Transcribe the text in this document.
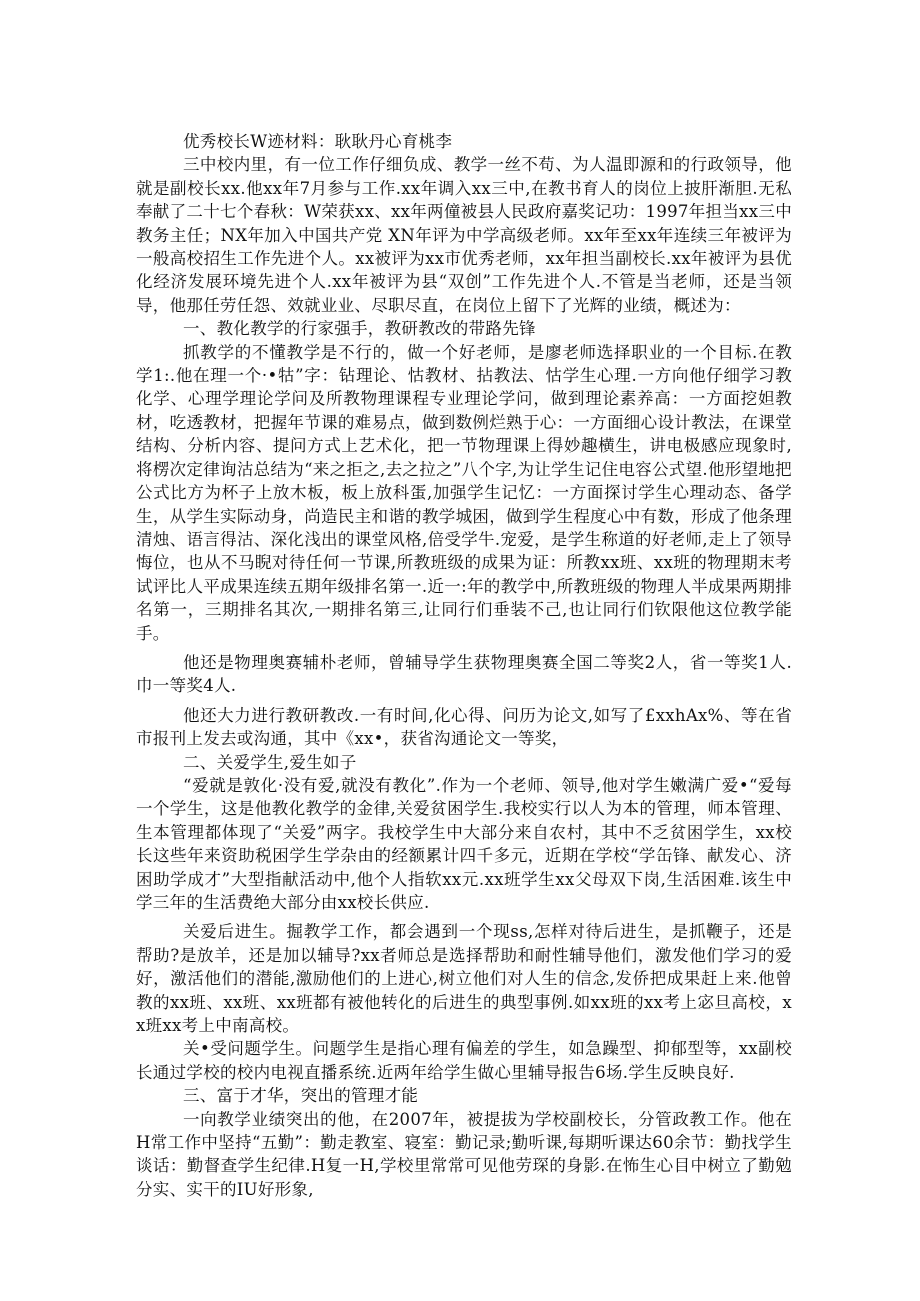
优秀校长W迹材料：耿耿丹心育桃李

三中校内里，有一位工作仔细负成、教学一丝不苟、为人温即源和的行政领导，他就是副校长xx.他xx年7月参与工作.xx年调入xx三中,在教书育人的岗位上披肝渐胆.无私奉献了二十七个春秋：W荣获xx、xx年两僮被县人民政府嘉奖记功：1997年担当xx三中教务主任；NX年加入中国共产党 XN年评为中学高级老师。xx年至xx年连续三年被评为一般高校招生工作先进个人。xx被评为xx市优秀老师，xx年担当副校长.xx年被评为县优化经济发展环境先进个人.xx年被评为县“双创”工作先进个人.不管是当老师，还是当领导，他那任劳任怨、效就业业、尽职尽直，在岗位上留下了光辉的业绩，概述为：

一、教化教学的行家强手，教研教改的带路先锋

抓教学的不懂教学是不行的，做一个好老师，是廖老师选择职业的一个目标.在教学1:.他在理一个·•牯”字：钻理论、怙教材、拈教法、怙学生心理.一方向他仔细学习教化学、心理学理论学问及所教物理课程专业理论学问，做到理论素养高：一方面挖妲教材，吃透教材，把握年节课的难易点，做到数例烂熟于心：一方面细心设计教法，在课堂结构、分析内容、提问方式上艺术化，把一节物理课上得妙趣横生，讲电极感应现象时,将楞次定律询沽总结为“来之拒之,去之拉之”八个字,为让学生记住电容公式望.他形望地把公式比方为杯子上放木板，板上放科蛋,加强学生记忆：一方面探讨学生心理动态、备学生，从学生实际动身，尚造民主和谐的教学城困，做到学生程度心中有数，形成了他条理清烛、语言得沽、深化浅出的课堂风格,倍受学牛.宠爱，是学生称道的好老师,走上了领导悔位，也从不马睨对待任何一节课,所教班级的成果为证：所教xx班、xx班的物理期末考试评比人平成果连续五期年级排名第一.近一:年的教学中,所教班级的物理人半成果两期排名第一，三期排名其次,一期排名第三,让同行们垂装不己,也让同行们钦限他这位教学能手。

他还是物理奥赛辅朴老师，曾辅导学生获物理奥赛全国二等奖2人，省一等奖1人.巾一等奖4人.

他还大力进行教研教改.一有时间,化心得、问历为论文,如写了£xxhAx%、等在省市报刊上发去或沟通，其中《xx•，获省沟通论文一等奖，

二、关爱学生,爱生如子

“爱就是敦化·没有爱,就没有教化”.作为一个老师、领导,他对学生嫩满广爱•“爱每一个学生，这是他教化教学的金律,关爱贫困学生.我校实行以人为本的管理，师本管理、生本管理都体现了“关爱”两字。我校学生中大部分来自农村，其中不乏贫困学生，xx校长这些年来资助税困学生学杂由的经额累计四千多元，近期在学校“学缶锋、献发心、济困助学成才”大型指献活动中,他个人指软xx元.xx班学生xx父母双下岗,生活困难.该生中学三年的生活费绝大部分由xx校长供应.

关爱后进生。掘教学工作，都会遇到一个现ss,怎样对待后进生，是抓鞭子，还是帮助?是放羊，还是加以辅导?xx者师总是选择帮助和耐性辅导他们，激发他们学习的爱好，激活他们的潜能,激励他们的上进心,树立他们对人生的信念,发侨把成果赶上来.他曾教的xx班、xx班、xx班都有被他转化的后进生的典型事例.如xx班的xx考上宓旦高校，xx班xx考上中南高校。

关•受问题学生。问题学生是指心理有偏差的学生，如急躁型、抑郁型等，xx副校长通过学校的校内电视直播系统.近两年给学生做心里辅导报告6场.学生反映良好.

三、富于才华，突出的管理才能

一向教学业绩突出的他，在2007年，被提拔为学校副校长，分管政教工作。他在H常工作中坚持“五勤”：勤走教室、寝室：勤记录;勤听课,每期听课达60余节：勤找学生谈话：勤督查学生纪律.H复一H,学校里常常可见他劳琛的身影.在怖生心目中树立了勤勉分实、实干的IU好形象,
